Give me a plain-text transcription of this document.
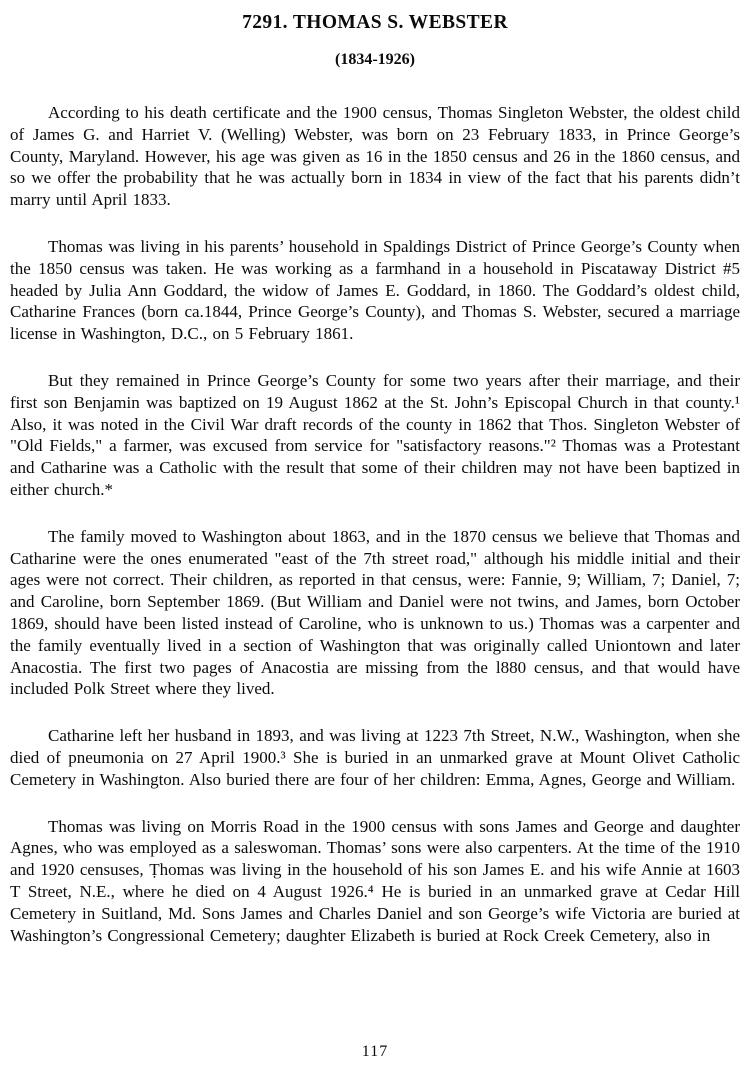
7291. THOMAS S. WEBSTER
(1834-1926)

According to his death certificate and the 1900 census, Thomas Singleton Webster, the oldest child of James G. and Harriet V. (Welling) Webster, was born on 23 February 1833, in Prince George’s County, Maryland. However, his age was given as 16 in the 1850 census and 26 in the 1860 census, and so we offer the probability that he was actually born in 1834 in view of the fact that his parents didn’t marry until April 1833.

Thomas was living in his parents’ household in Spaldings District of Prince George’s County when the 1850 census was taken. He was working as a farmhand in a household in Piscataway District #5 headed by Julia Ann Goddard, the widow of James E. Goddard, in 1860. The Goddard’s oldest child, Catharine Frances (born ca.1844, Prince George’s County), and Thomas S. Webster, secured a marriage license in Washington, D.C., on 5 February 1861.

But they remained in Prince George’s County for some two years after their marriage, and their first son Benjamin was baptized on 19 August 1862 at the St. John’s Episcopal Church in that county.¹ Also, it was noted in the Civil War draft records of the county in 1862 that Thos. Singleton Webster of "Old Fields," a farmer, was excused from service for "satisfactory reasons."² Thomas was a Protestant and Catharine was a Catholic with the result that some of their children may not have been baptized in either church.*

The family moved to Washington about 1863, and in the 1870 census we believe that Thomas and Catharine were the ones enumerated "east of the 7th street road," although his middle initial and their ages were not correct. Their children, as reported in that census, were: Fannie, 9; William, 7; Daniel, 7; and Caroline, born September 1869. (But William and Daniel were not twins, and James, born October 1869, should have been listed instead of Caroline, who is unknown to us.) Thomas was a carpenter and the family eventually lived in a section of Washington that was originally called Uniontown and later Anacostia. The first two pages of Anacostia are missing from the l880 census, and that would have included Polk Street where they lived.

Catharine left her husband in 1893, and was living at 1223 7th Street, N.W., Washington, when she died of pneumonia on 27 April 1900.³ She is buried in an unmarked grave at Mount Olivet Catholic Cemetery in Washington. Also buried there are four of her children: Emma, Agnes, George and William.

Thomas was living on Morris Road in the 1900 census with sons James and George and daughter Agnes, who was employed as a saleswoman. Thomas’ sons were also carpenters. At the time of the 1910 and 1920 censuses, Ṭhomas was living in the household of his son James E. and his wife Annie at 1603 T Street, N.E., where he died on 4 August 1926.⁴ He is buried in an unmarked grave at Cedar Hill Cemetery in Suitland, Md. Sons James and Charles Daniel and son George’s wife Victoria are buried at Washington’s Congressional Cemetery; daughter Elizabeth is buried at Rock Creek Cemetery, also in

117
